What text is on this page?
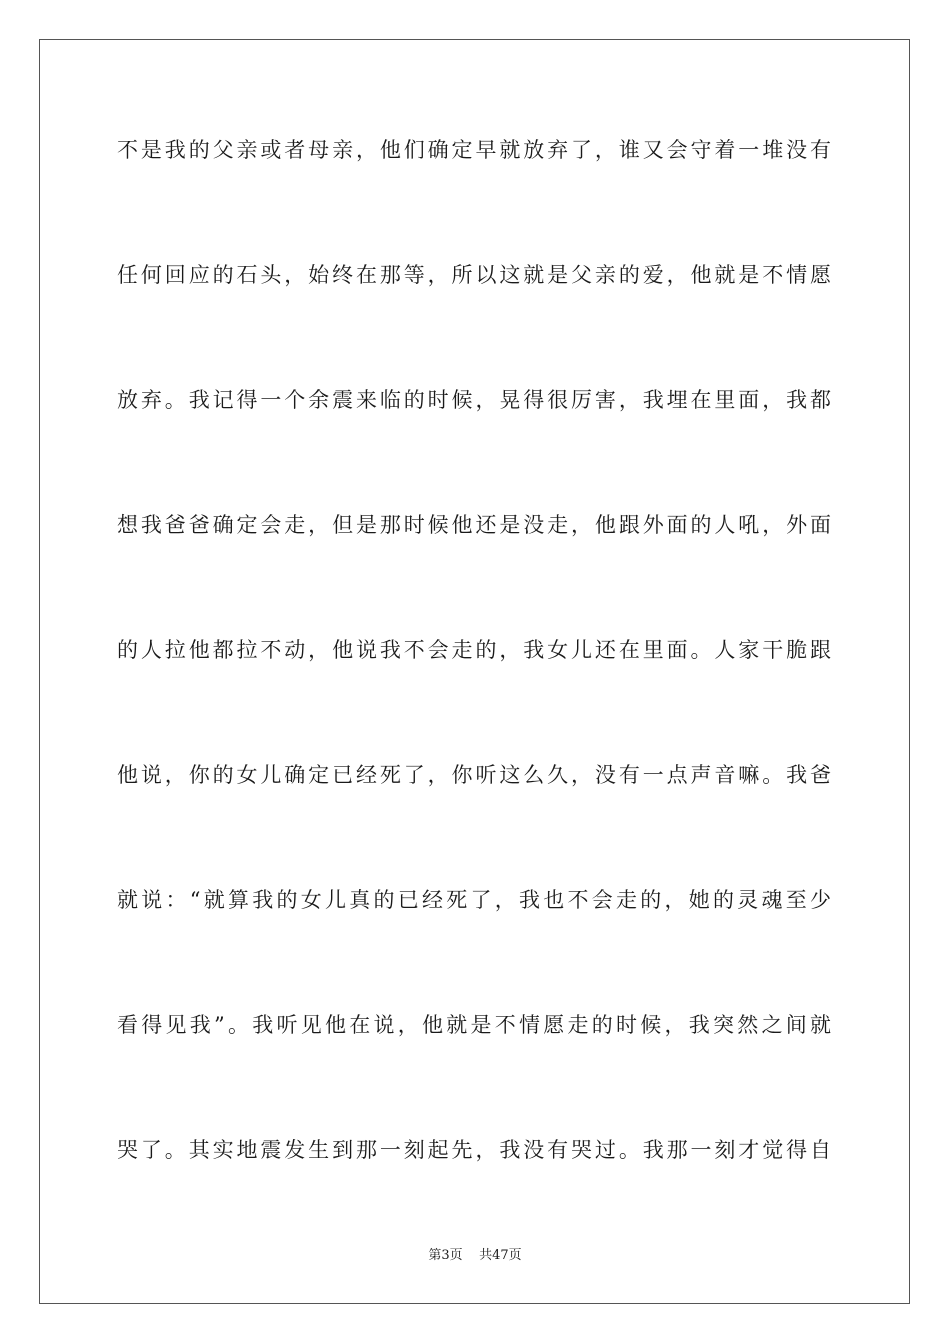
不是我的父亲或者母亲，他们确定早就放弃了，谁又会守着一堆没有
任何回应的石头，始终在那等，所以这就是父亲的爱，他就是不情愿
放弃。我记得一个余震来临的时候，晃得很厉害，我埋在里面，我都
想我爸爸确定会走，但是那时候他还是没走，他跟外面的人吼，外面
的人拉他都拉不动，他说我不会走的，我女儿还在里面。人家干脆跟
他说，你的女儿确定已经死了，你听这么久，没有一点声音嘛。我爸
就说：“就算我的女儿真的已经死了，我也不会走的，她的灵魂至少
看得见我”。我听见他在说，他就是不情愿走的时候，我突然之间就
哭了。其实地震发生到那一刻起先，我没有哭过。我那一刻才觉得自
第3页 共47页
